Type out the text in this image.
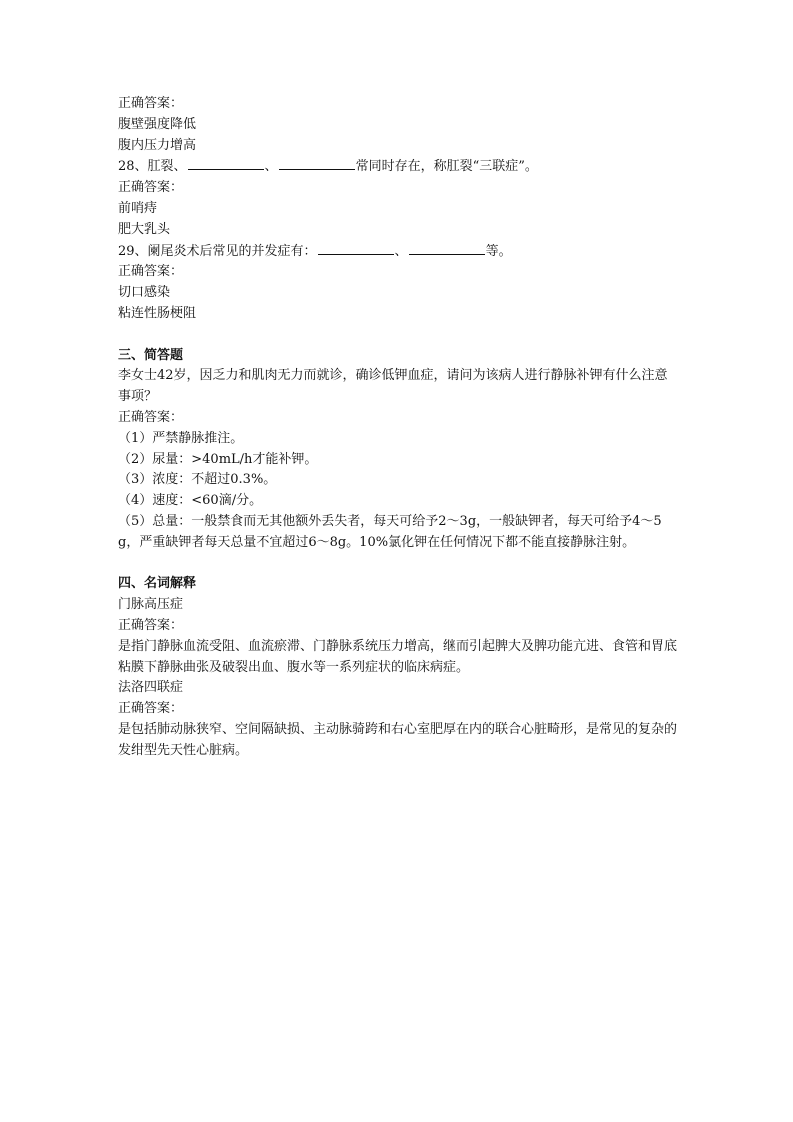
正确答案：
腹壁强度降低
腹内压力增高
28、肛裂、	、	常同时存在，称肛裂“三联症”。
正确答案：
前哨痔
肥大乳头
29、阑尾炎术后常见的并发症有：	、	等。
正确答案：
切口感染
粘连性肠梗阻
三、简答题
李女士42岁，因乏力和肌肉无力而就诊，确诊低钾血症，请问为该病人进行静脉补钾有什么注意事项？
正确答案：
（1）严禁静脉推注。
（2）尿量：>40mL/h才能补钾。
（3）浓度：不超过0.3%。
（4）速度：<60滴/分。
（5）总量：一般禁食而无其他额外丢失者，每天可给予2～3g，一般缺钾者，每天可给予4～5g，严重缺钾者每天总量不宜超过6～8g。10%氯化钾在任何情况下都不能直接静脉注射。
四、名词解释
门脉高压症
正确答案：
是指门静脉血流受阻、血流瘀滞、门静脉系统压力增高，继而引起脾大及脾功能亢进、食管和胃底粘膜下静脉曲张及破裂出血、腹水等一系列症状的临床病症。
法洛四联症
正确答案：
是包括肺动脉狭窄、空间隔缺损、主动脉骑跨和右心室肥厚在内的联合心脏畸形，是常见的复杂的发绀型先天性心脏病。
